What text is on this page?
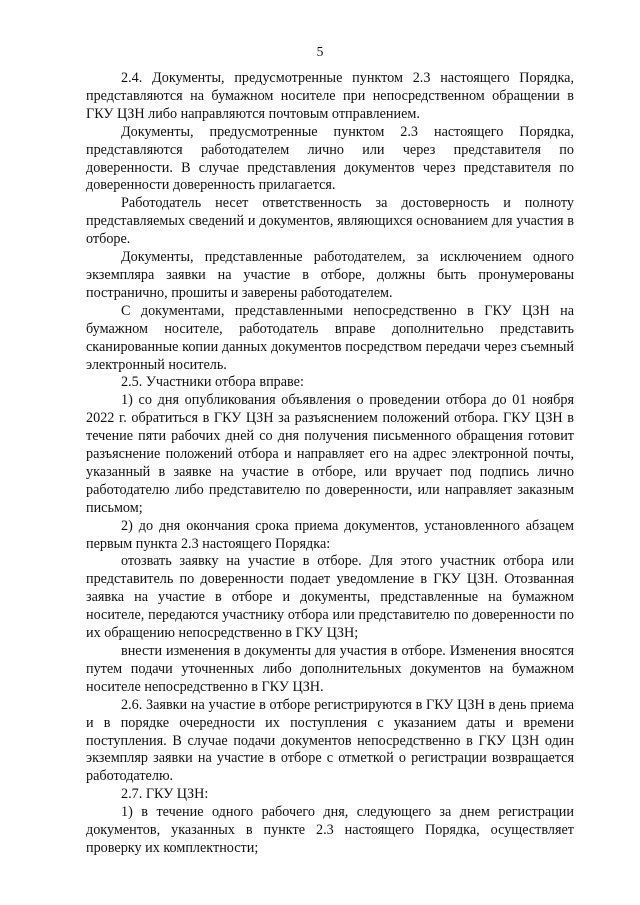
5

2.4. Документы, предусмотренные пунктом 2.3 настоящего Порядка, представляются на бумажном носителе при непосредственном обращении в ГКУ ЦЗН либо направляются почтовым отправлением.

Документы, предусмотренные пунктом 2.3 настоящего Порядка, представляются работодателем лично или через представителя по доверенности. В случае представления документов через представителя по доверенности доверенность прилагается.

Работодатель несет ответственность за достоверность и полноту представляемых сведений и документов, являющихся основанием для участия в отборе.

Документы, представленные работодателем, за исключением одного экземпляра заявки на участие в отборе, должны быть пронумерованы постранично, прошиты и заверены работодателем.

С документами, представленными непосредственно в ГКУ ЦЗН на бумажном носителе, работодатель вправе дополнительно представить сканированные копии данных документов посредством передачи через съемный электронный носитель.

2.5. Участники отбора вправе:

1) со дня опубликования объявления о проведении отбора до 01 ноября 2022 г. обратиться в ГКУ ЦЗН за разъяснением положений отбора. ГКУ ЦЗН в течение пяти рабочих дней со дня получения письменного обращения готовит разъяснение положений отбора и направляет его на адрес электронной почты, указанный в заявке на участие в отборе, или вручает под подпись лично работодателю либо представителю по доверенности, или направляет заказным письмом;

2) до дня окончания срока приема документов, установленного абзацем первым пункта 2.3 настоящего Порядка:

отозвать заявку на участие в отборе. Для этого участник отбора или представитель по доверенности подает уведомление в ГКУ ЦЗН. Отозванная заявка на участие в отборе и документы, представленные на бумажном носителе, передаются участнику отбора или представителю по доверенности по их обращению непосредственно в ГКУ ЦЗН;

внести изменения в документы для участия в отборе. Изменения вносятся путем подачи уточненных либо дополнительных документов на бумажном носителе непосредственно в ГКУ ЦЗН.

2.6. Заявки на участие в отборе регистрируются в ГКУ ЦЗН в день приема и в порядке очередности их поступления с указанием даты и времени поступления. В случае подачи документов непосредственно в ГКУ ЦЗН один экземпляр заявки на участие в отборе с отметкой о регистрации возвращается работодателю.

2.7. ГКУ ЦЗН:

1) в течение одного рабочего дня, следующего за днем регистрации документов, указанных в пункте 2.3 настоящего Порядка, осуществляет проверку их комплектности;
